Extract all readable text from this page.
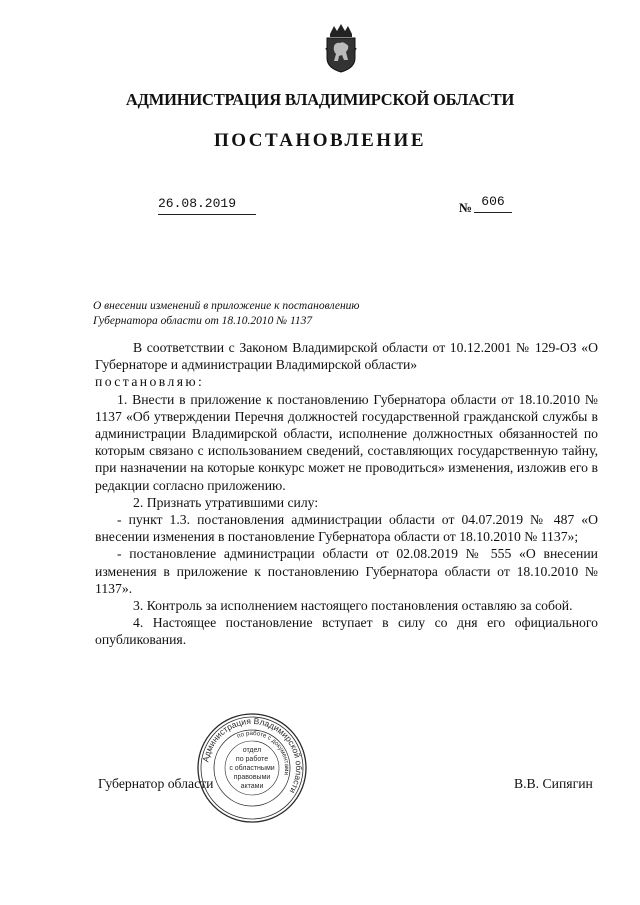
АДМИНИСТРАЦИЯ ВЛАДИМИРСКОЙ ОБЛАСТИ
ПОСТАНОВЛЕНИЕ
26.08.2019	№ 606
О внесении изменений в приложение к постановлению
Губернатора области от 18.10.2010 № 1137

В соответствии с Законом Владимирской области от 10.12.2001 № 129-ОЗ «О Губернаторе и администрации Владимирской области»

постановляю:

1. Внести в приложение к постановлению Губернатора области от 18.10.2010 № 1137 «Об утверждении Перечня должностей государственной гражданской службы в администрации Владимирской области, исполнение должностных обязанностей по которым связано с использованием сведений, составляющих государственную тайну, при назначении на которые конкурс может не проводиться» изменения, изложив его в редакции согласно приложению.

2. Признать утратившими силу:

- пункт 1.3. постановления администрации области от 04.07.2019 № 487 «О внесении изменения в постановление Губернатора области от 18.10.2010 № 1137»;

- постановление администрации области от 02.08.2019 № 555 «О внесении изменения в приложение к постановлению Губернатора области от 18.10.2010 № 1137».

3. Контроль за исполнением настоящего постановления оставляю за собой.

4. Настоящее постановление вступает в силу со дня его официального опубликования.

Губернатор области	В.В. Сипягин
Администрация Владимирской области
по работе с документами
отдел
по работе
с областными
правовыми
актами
